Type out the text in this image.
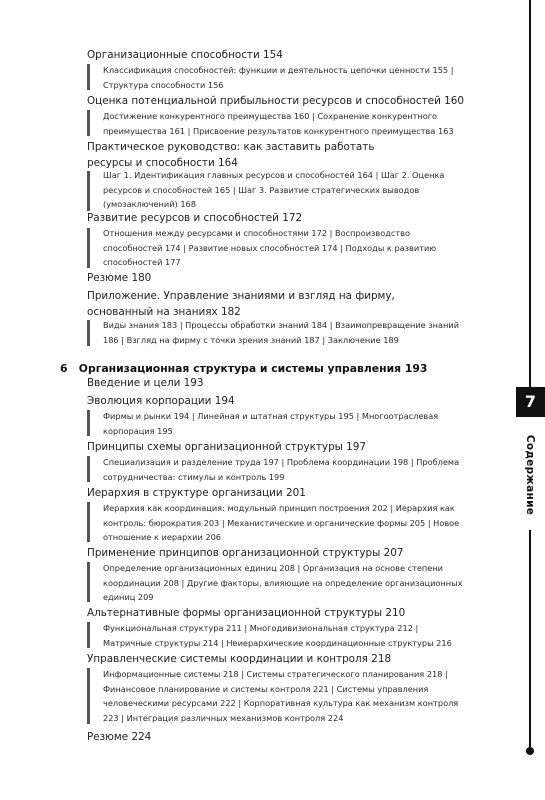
Организационные способности 154
Классификация способностей: функции и деятельность цепочки ценности 155 | Структура способности 156
Оценка потенциальной прибыльности ресурсов и способностей 160
Достижение конкурентного преимущества 160 | Сохранение конкурентного преимущества 161 | Присвоение результатов конкурентного преимущества 163
Практическое руководство: как заставить работать ресурсы и способности 164
Шаг 1. Идентификация главных ресурсов и способностей 164 | Шаг 2. Оценка ресурсов и способностей 165 | Шаг 3. Развитие стратегических выводов (умозаключений) 168
Развитие ресурсов и способностей 172
Отношения между ресурсами и способностями 172 | Воспроизводство способностей 174 | Развитие новых способностей 174 | Подходы к развитию способностей 177
Резюме 180
Приложение. Управление знаниями и взгляд на фирму, основанный на знаниях 182
Виды знания 183 | Процессы обработки знаний 184 | Взаимопревращение знаний 186 | Взгляд на фирму с точки зрения знаний 187 | Заключение 189
6 Организационная структура и системы управления 193
Введение и цели 193
Эволюция корпорации 194
Фирмы и рынки 194 | Линейная и штатная структуры 195 | Многоотраслевая корпорация 195
Принципы схемы организационной структуры 197
Специализация и разделение труда 197 | Проблема координации 198 | Проблема сотрудничества: стимулы и контроль 199
Иерархия в структуре организации 201
Иерархия как координация: модульный принцип построения 202 | Иерархия как контроль: бюрократия 203 | Механистические и органические формы 205 | Новое отношение к иерархии 206
Применение принципов организационной структуры 207
Определение организационных единиц 208 | Организация на основе степени координации 208 | Другие факторы, влияющие на определение организационных единиц 209
Альтернативные формы организационной структуры 210
Функциональная структура 211 | Многодивизиональная структура 212 | Матричные структуры 214 | Неиерархические координационные структуры 216
Управленческие системы координации и контроля 218
Информационные системы 218 | Системы стратегического планирования 218 | Финансовое планирование и системы контроля 221 | Системы управления человеческими ресурсами 222 | Корпоративная культура как механизм контроля 223 | Интеграция различных механизмов контроля 224
Резюме 224
7
Содержание
